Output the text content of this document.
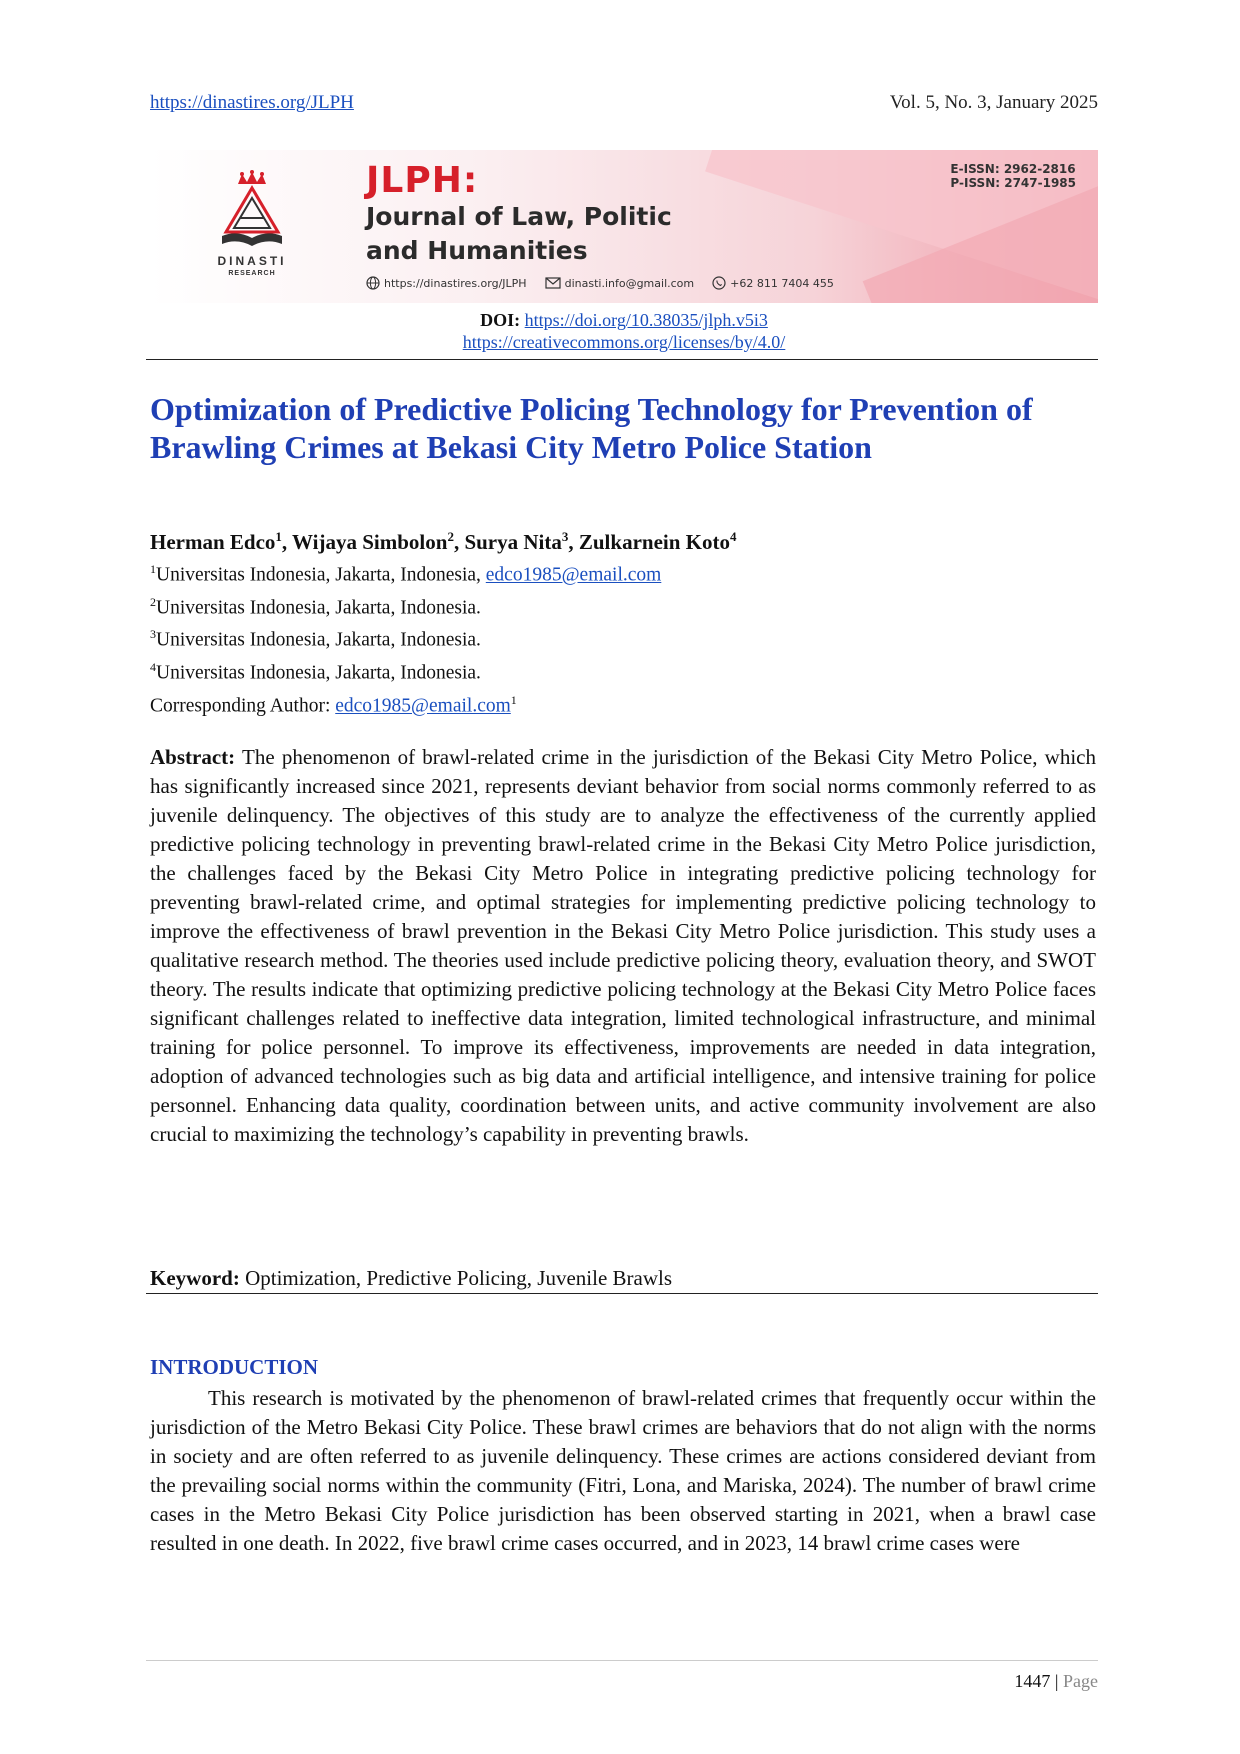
https://dinastires.org/JLPH	Vol. 5, No. 3, January 2025
DINASTI
RESEARCH
JLPH:
Journal of Law, Politic and Humanities
E-ISSN: 2962-2816
P-ISSN: 2747-1985
https://dinastires.org/JLPH	dinasti.info@gmail.com	+62 811 7404 455
DOI: https://doi.org/10.38035/jlph.v5i3
https://creativecommons.org/licenses/by/4.0/
Optimization of Predictive Policing Technology for Prevention of Brawling Crimes at Bekasi City Metro Police Station
Herman Edco$^1$, Wijaya Simbolon$^2$, Surya Nita$^3$, Zulkarnein Koto$^4$
$^1$Universitas Indonesia, Jakarta, Indonesia, edco1985@email.com
$^2$Universitas Indonesia, Jakarta, Indonesia.
$^3$Universitas Indonesia, Jakarta, Indonesia.
$^4$Universitas Indonesia, Jakarta, Indonesia.
Corresponding Author: edco1985@email.com$^1$
Abstract: The phenomenon of brawl-related crime in the jurisdiction of the Bekasi City Metro Police, which has significantly increased since 2021, represents deviant behavior from social norms commonly referred to as juvenile delinquency. The objectives of this study are to analyze the effectiveness of the currently applied predictive policing technology in preventing brawl-related crime in the Bekasi City Metro Police jurisdiction, the challenges faced by the Bekasi City Metro Police in integrating predictive policing technology for preventing brawl-related crime, and optimal strategies for implementing predictive policing technology to improve the effectiveness of brawl prevention in the Bekasi City Metro Police jurisdiction. This study uses a qualitative research method. The theories used include predictive policing theory, evaluation theory, and SWOT theory. The results indicate that optimizing predictive policing technology at the Bekasi City Metro Police faces significant challenges related to ineffective data integration, limited technological infrastructure, and minimal training for police personnel. To improve its effectiveness, improvements are needed in data integration, adoption of advanced technologies such as big data and artificial intelligence, and intensive training for police personnel. Enhancing data quality, coordination between units, and active community involvement are also crucial to maximizing the technology’s capability in preventing brawls.
Keyword: Optimization, Predictive Policing, Juvenile Brawls
INTRODUCTION
This research is motivated by the phenomenon of brawl-related crimes that frequently occur within the jurisdiction of the Metro Bekasi City Police. These brawl crimes are behaviors that do not align with the norms in society and are often referred to as juvenile delinquency. These crimes are actions considered deviant from the prevailing social norms within the community (Fitri, Lona, and Mariska, 2024). The number of brawl crime cases in the Metro Bekasi City Police jurisdiction has been observed starting in 2021, when a brawl case resulted in one death. In 2022, five brawl crime cases occurred, and in 2023, 14 brawl crime cases were
1447 | Page
